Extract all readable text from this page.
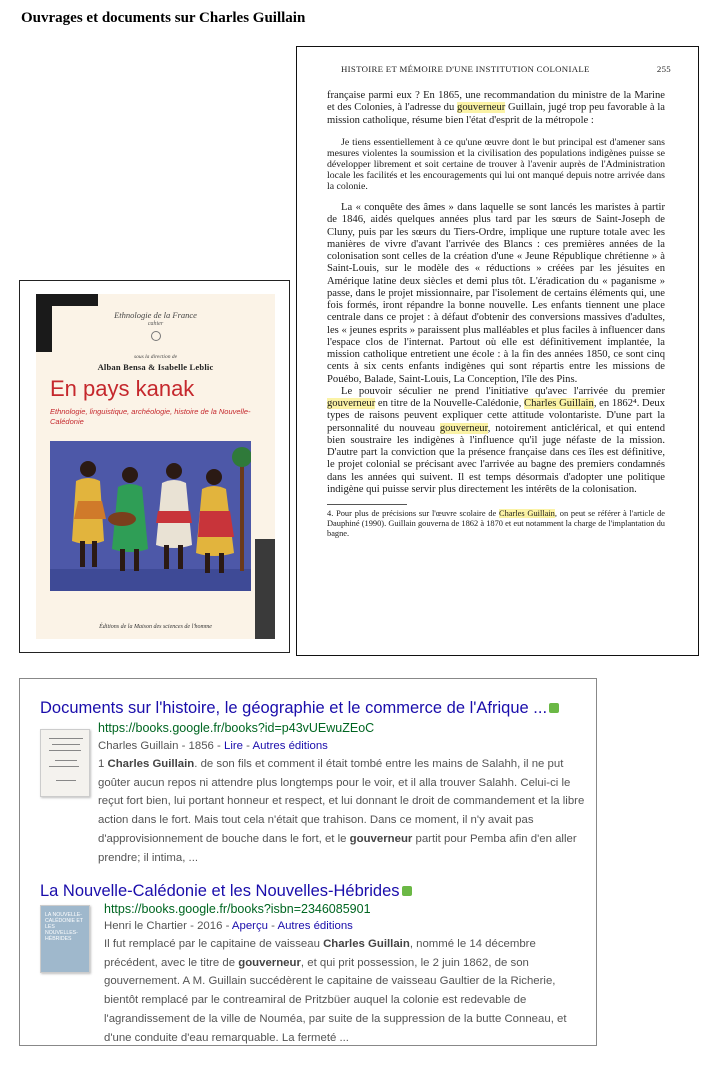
Ouvrages et documents sur Charles Guillain
Ethnologie de la France
cahier
sous la direction de
Alban Bensa & Isabelle Leblic
En pays kanak
Ethnologie, linguistique, archéologie, histoire de la Nouvelle-Calédonie
Éditions de la Maison des sciences de l'homme
HISTOIRE ET MÉMOIRE D'UNE INSTITUTION COLONIALE	255

française parmi eux ? En 1865, une recommandation du ministre de la Marine et des Colonies, à l'adresse du gouverneur Guillain, jugé trop peu favorable à la mission catholique, résume bien l'état d'esprit de la métropole :

Je tiens essentiellement à ce qu'une œuvre dont le but principal est d'amener sans mesures violentes la soumission et la civilisation des populations indigènes puisse se développer librement et soit certaine de trouver à l'avenir auprès de l'Administration locale les facilités et les encouragements qui lui ont manqué depuis notre arrivée dans la colonie.

La « conquête des âmes » dans laquelle se sont lancés les maristes à partir de 1846, aidés quelques années plus tard par les sœurs de Saint-Joseph de Cluny, puis par les sœurs du Tiers-Ordre, implique une rupture totale avec les manières de vivre d'avant l'arrivée des Blancs : ces premières années de la colonisation sont celles de la création d'une « Jeune République chrétienne » à Saint-Louis, sur le modèle des « réductions » créées par les jésuites en Amérique latine deux siècles et demi plus tôt. L'éradication du « paganisme » passe, dans le projet missionnaire, par l'isolement de certains éléments qui, une fois formés, iront répandre la bonne nouvelle. Les enfants tiennent une place centrale dans ce projet : à défaut d'obtenir des conversions massives d'adultes, les « jeunes esprits » paraissent plus malléables et plus faciles à influencer dans l'espace clos de l'internat. Partout où elle est définitivement implantée, la mission catholique entretient une école : à la fin des années 1850, ce sont cinq cents à six cents enfants indigènes qui sont répartis entre les missions de Pouébo, Balade, Saint-Louis, La Conception, l'île des Pins.

Le pouvoir séculier ne prend l'initiative qu'avec l'arrivée du premier gouverneur en titre de la Nouvelle-Calédonie, Charles Guillain, en 1862⁴. Deux types de raisons peuvent expliquer cette attitude volontariste. D'une part la personnalité du nouveau gouverneur, notoirement anticlérical, et qui entend bien soustraire les indigènes à l'influence qu'il juge néfaste de la mission. D'autre part la conviction que la présence française dans ces îles est définitive, le projet colonial se précisant avec l'arrivée au bagne des premiers condamnés dans les années qui suivent. Il est temps désormais d'adopter une politique indigène qui puisse servir plus directement les intérêts de la colonisation.

4. Pour plus de précisions sur l'œuvre scolaire de Charles Guillain, on peut se référer à l'article de Dauphiné (1990). Guillain gouverna de 1862 à 1870 et eut notamment la charge de l'implantation du bagne.

Documents sur l'histoire, le géographie et le commerce de l'Afrique ...
https://books.google.fr/books?id=p43vUEwuZEoC
Charles Guillain - 1856 - Lire - Autres éditions
1 Charles Guillain. de son fils et comment il était tombé entre les mains de Salahh, il ne put goûter aucun repos ni attendre plus longtemps pour le voir, et il alla trouver Salahh. Celui-ci le reçut fort bien, lui portant honneur et respect, et lui donnant le droit de commandement et la libre action dans le fort. Mais tout cela n'était que trahison. Dans ce moment, il n'y avait pas d'approvisionnement de bouche dans le fort, et le gouverneur partit pour Pemba afin d'en aller prendre; il intima, ...
La Nouvelle-Calédonie et les Nouvelles-Hébrides
LA NOUVELLE-CALÉDONIE ET LES NOUVELLES-HÉBRIDES
https://books.google.fr/books?isbn=2346085901
Henri le Chartier - 2016 - Aperçu - Autres éditions
Il fut remplacé par le capitaine de vaisseau Charles Guillain, nommé le 14 décembre précédent, avec le titre de gouverneur, et qui prit possession, le 2 juin 1862, de son gouvernement. A M. Guillain succédèrent le capitaine de vaisseau Gaultier de la Richerie, bientôt remplacé par le contreamiral de Pritzbüer auquel la colonie est redevable de l'agrandissement de la ville de Nouméa, par suite de la suppression de la butte Conneau, et d'une conduite d'eau remarquable. La fermeté ...
